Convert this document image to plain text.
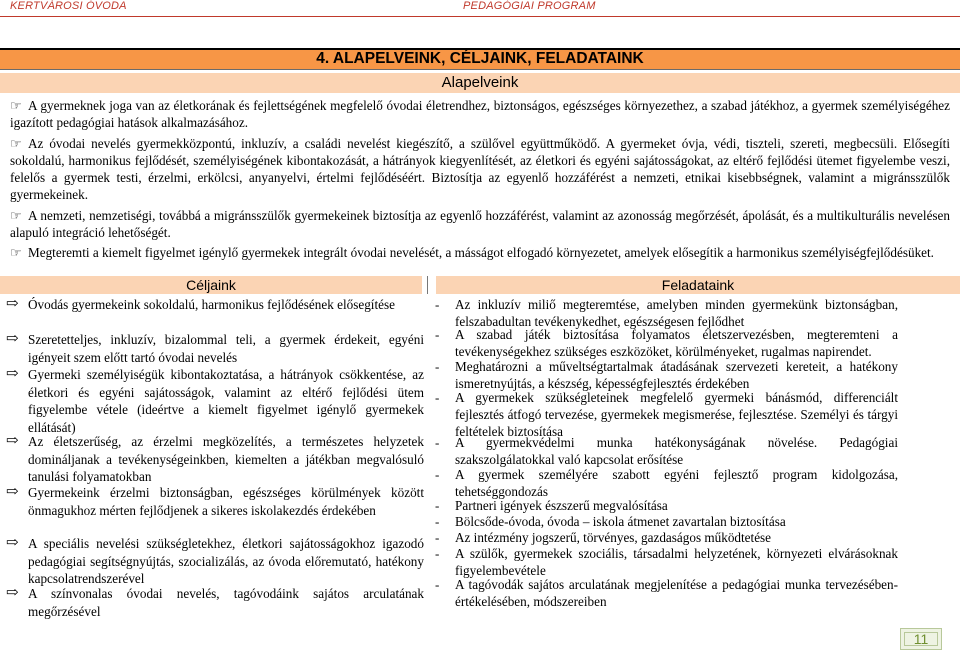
KERTVÁROSI ÓVODA	PEDAGÓGIAI PROGRAM
4. ALAPELVEINK, CÉLJAINK, FELADATAINK
Alapelveink
☞ A gyermeknek joga van az életkorának és fejlettségének megfelelő óvodai életrendhez, biztonságos, egészséges környezethez, a szabad játékhoz, a gyermek személyiségéhez igazított pedagógiai hatások alkalmazásához.
☞ Az óvodai nevelés gyermekközpontú, inkluzív, a családi nevelést kiegészítő, a szülővel együttműködő. A gyermeket óvja, védi, tiszteli, szereti, megbecsüli. Elősegíti sokoldalú, harmonikus fejlődését, személyiségének kibontakozását, a hátrányok kiegyenlítését, az életkori és egyéni sajátosságokat, az eltérő fejlődési ütemet figyelembe veszi, felelős a gyermek testi, érzelmi, erkölcsi, anyanyelvi, értelmi fejlődéséért. Biztosítja az egyenlő hozzáférést a nemzeti, etnikai kisebbségnek, valamint a migránsszülők gyermekeinek.
☞ A nemzeti, nemzetiségi, továbbá a migránsszülők gyermekeinek biztosítja az egyenlő hozzáférést, valamint az azonosság megőrzését, ápolását, és a multikulturális nevelésen alapuló integráció lehetőségét.
☞ Megteremti a kiemelt figyelmet igénylő gyermekek integrált óvodai nevelését, a másságot elfogadó környezetet, amelyek elősegítik a harmonikus személyiségfejlődésüket.
Céljaink	Feladataink
⇨ Óvodás gyermekeink sokoldalú, harmonikus fejlődésének elősegítése
⇨ Szeretetteljes, inkluzív, bizalommal teli, a gyermek érdekeit, egyéni igényeit szem előtt tartó óvodai nevelés
⇨ Gyermeki személyiségük kibontakoztatása, a hátrányok csökkentése, az életkori és egyéni sajátosságok, valamint az eltérő fejlődési ütem figyelembe vétele (ideértve a kiemelt figyelmet igénylő gyermekek ellátását)
⇨ Az életszerűség, az érzelmi megközelítés, a természetes helyzetek domináljanak a tevékenységeinkben, kiemelten a játékban megvalósuló tanulási folyamatokban
⇨ Gyermekeink érzelmi biztonságban, egészséges körülmények között önmagukhoz mérten fejlődjenek a sikeres iskolakezdés érdekében
⇨ A speciális nevelési szükségletekhez, életkori sajátosságokhoz igazodó pedagógiai segítségnyújtás, szocializálás, az óvoda előremutató, hatékony kapcsolatrendszerével
⇨ A színvonalas óvodai nevelés, tagóvodáink sajátos arculatának megőrzésével
- Az inkluzív miliő megteremtése, amelyben minden gyermekünk biztonságban, felszabadultan tevékenykedhet, egészségesen fejlődhet
- A szabad játék biztosítása folyamatos életszervezésben, megteremteni a tevékenységekhez szükséges eszközöket, körülményeket, rugalmas napirendet.
- Meghatározni a műveltségtartalmak átadásának szervezeti kereteit, a hatékony ismeretnyújtás, a készség, képességfejlesztés érdekében
- A gyermekek szükségleteinek megfelelő gyermeki bánásmód, differenciált fejlesztés átfogó tervezése, gyermekek megismerése, fejlesztése. Személyi és tárgyi feltételek biztosítása
- A gyermekvédelmi munka hatékonyságának növelése. Pedagógiai szakszolgálatokkal való kapcsolat erősítése
- A gyermek személyére szabott egyéni fejlesztő program kidolgozása, tehetséggondozás
- Partneri igények észszerű megvalósítása
- Bölcsőde-óvoda, óvoda – iskola átmenet zavartalan biztosítása
- Az intézmény jogszerű, törvényes, gazdaságos működtetése
- A szülők, gyermekek szociális, társadalmi helyzetének, környezeti elvárásoknak figyelembevétele
- A tagóvodák sajátos arculatának megjelenítése a pedagógiai munka tervezésében-értékelésében, módszereiben
11
